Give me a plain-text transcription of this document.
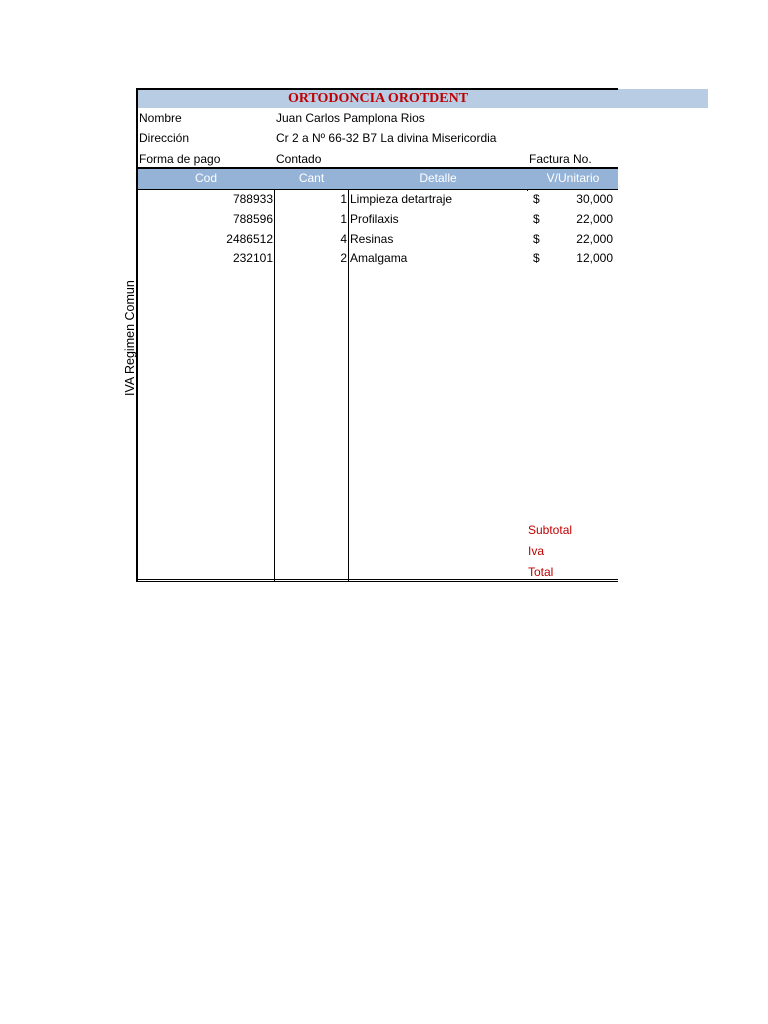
ORTODONCIA OROTDENT
Nombre	Juan Carlos Pamplona Rios
Dirección	Cr 2 a Nº 66-32 B7 La divina Misericordia
Forma de pago	Contado	Factura No.
Cod	Cant	Detalle	V/Unitario
788933	1 Limpieza detartraje	$	30,000
788596	1 Profilaxis	$	22,000
2486512	4 Resinas	$	22,000
232101	2 Amalgama	$	12,000
Subtotal
Iva
Total
IVA Regimen Comun
